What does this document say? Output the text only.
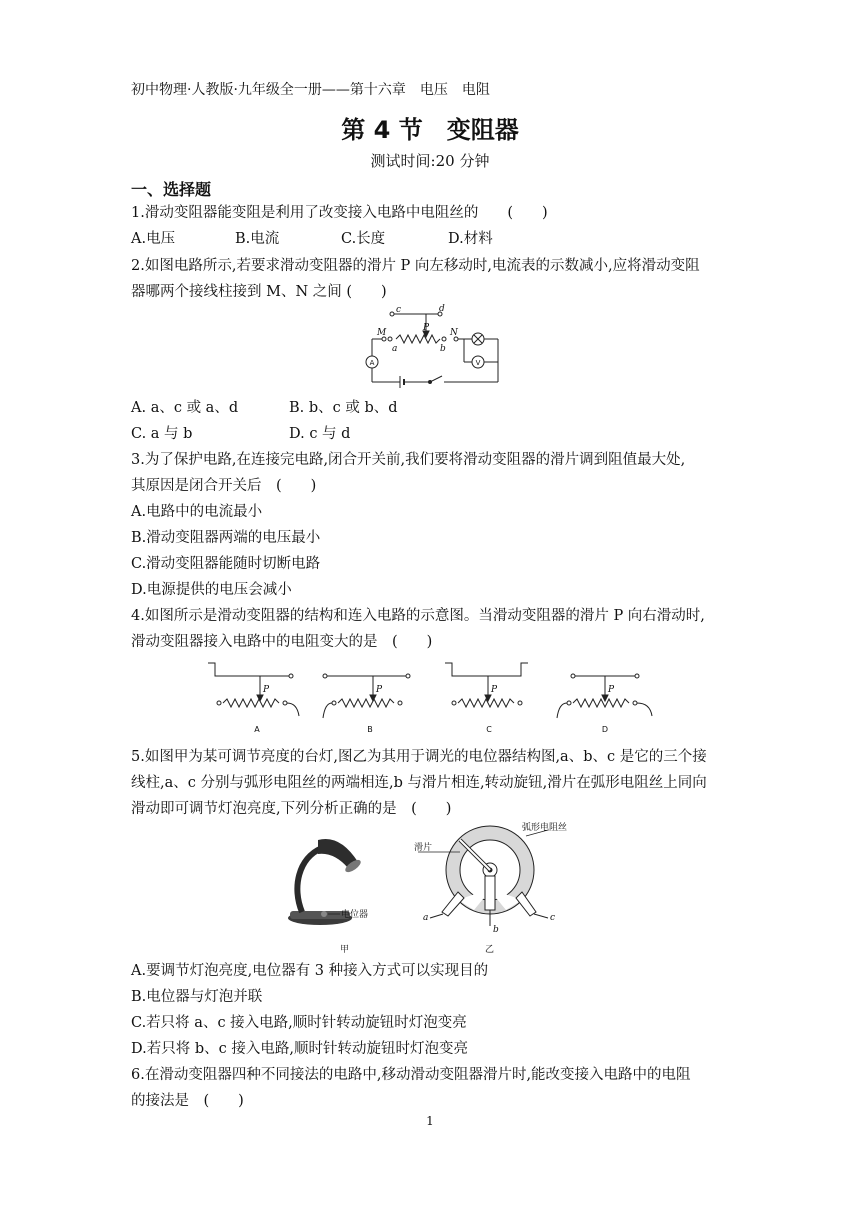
初中物理·人教版·九年级全一册——第十六章　电压　电阻
第 4 节　变阻器
测试时间:20 分钟
一、选择题
1.滑动变阻器能变阻是利用了改变接入电路中电阻丝的　　(　　)
A.电压	B.电流	C.长度	D.材料
2.如图电路所示,若要求滑动变阻器的滑片 P 向左移动时,电流表的示数减小,应将滑动变阻
器哪两个接线柱接到 M、N 之间 (　　)
c	d
P
M	N
a	b
A	V
A. a、c 或 a、d	B. b、c 或 b、d
C. a 与 b	D. c 与 d
3.为了保护电路,在连接完电路,闭合开关前,我们要将滑动变阻器的滑片调到阻值最大处,
其原因是闭合开关后　(　　)
A.电路中的电流最小
B.滑动变阻器两端的电压最小
C.滑动变阻器能随时切断电路
D.电源提供的电压会减小
4.如图所示是滑动变阻器的结构和连入电路的示意图。当滑动变阻器的滑片 P 向右滑动时,
滑动变阻器接入电路中的电阻变大的是　(　　)
P	P	P	P
A	B	C	D
5.如图甲为某可调节亮度的台灯,图乙为其用于调光的电位器结构图,a、b、c 是它的三个接
线柱,a、c 分别与弧形电阻丝的两端相连,b 与滑片相连,转动旋钮,滑片在弧形电阻丝上同向
滑动即可调节灯泡亮度,下列分析正确的是　(　　)
电位器
甲	乙
滑片
弧形电阻丝
a
b
c
A.要调节灯泡亮度,电位器有 3 种接入方式可以实现目的
B.电位器与灯泡并联
C.若只将 a、c 接入电路,顺时针转动旋钮时灯泡变亮
D.若只将 b、c 接入电路,顺时针转动旋钮时灯泡变亮
6.在滑动变阻器四种不同接法的电路中,移动滑动变阻器滑片时,能改变接入电路中的电阻
的接法是　(　　)
1
